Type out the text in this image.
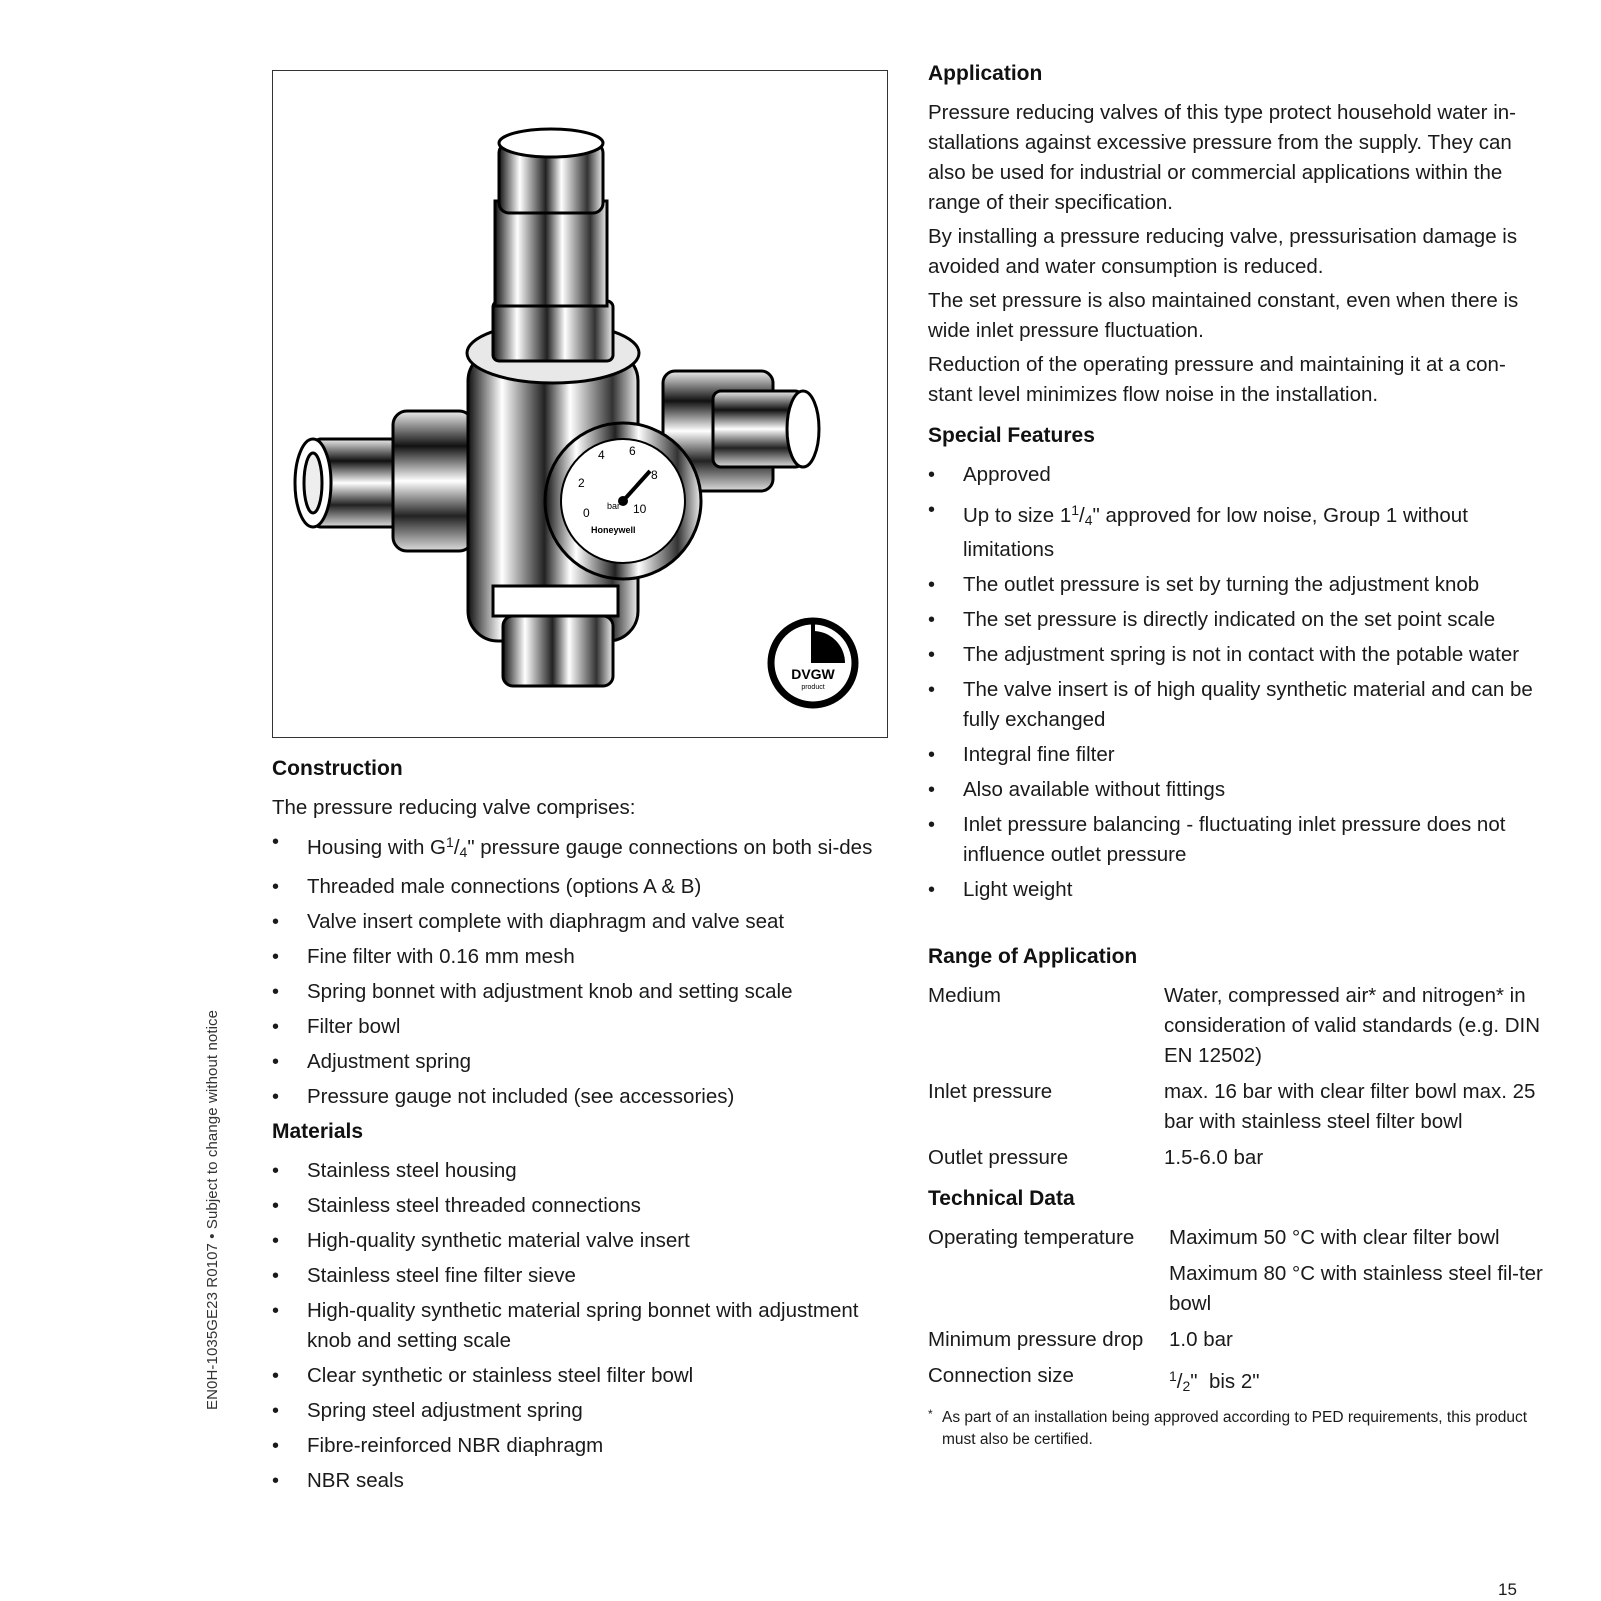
EN0H-1035GE23 R0107 • Subject to change without notice
0
2
4 6
8
10
bar
Honeywell
DVGW
product
Construction

The pressure reducing valve comprises:

• Housing with $G^1/_4$" pressure gauge connections on both si-des
• Threaded male connections (options A & B)
• Valve insert complete with diaphragm and valve seat
• Fine filter with 0.16 mm mesh
• Spring bonnet with adjustment knob and setting scale
• Filter bowl
• Adjustment spring
• Pressure gauge not included (see accessories)
Materials
• Stainless steel housing
• Stainless steel threaded connections
• High-quality synthetic material valve insert
• Stainless steel fine filter sieve
• High-quality synthetic material spring bonnet with adjustment knob and setting scale
• Clear synthetic or stainless steel filter bowl
• Spring steel adjustment spring
• Fibre-reinforced NBR diaphragm
• NBR seals
Application

Pressure reducing valves of this type protect household water in-stallations against excessive pressure from the supply. They can also be used for industrial or commercial applications within the range of their specification.

By installing a pressure reducing valve, pressurisation damage is avoided and water consumption is reduced.

The set pressure is also maintained constant, even when there is wide inlet pressure fluctuation.

Reduction of the operating pressure and maintaining it at a con-stant level minimizes flow noise in the installation.

Special Features
• Approved
• Up to size $1^1/_4$" approved for low noise, Group 1 without limitations
• The outlet pressure is set by turning the adjustment knob
• The set pressure is directly indicated on the set point scale
• The adjustment spring is not in contact with the potable water
• The valve insert is of high quality synthetic material and can be fully exchanged
• Integral fine filter
• Also available without fittings
• Inlet pressure balancing - fluctuating inlet pressure does not influence outlet pressure
• Light weight
Range of Application
Medium	Water, compressed air* and nitrogen* in consideration of valid standards (e.g. DIN EN 12502)
Inlet pressure	max. 16 bar with clear filter bowl max. 25 bar with stainless steel filter bowl
Outlet pressure	1.5-6.0 bar
Technical Data
Operating temperature	Maximum 50 °C with clear filter bowl
Maximum 80 °C with stainless steel fil-ter bowl
Minimum pressure drop	1.0 bar
Connection size	$^1/_2$"  bis 2"
* As part of an installation being approved according to PED requirements, this product must also be certified.
15
